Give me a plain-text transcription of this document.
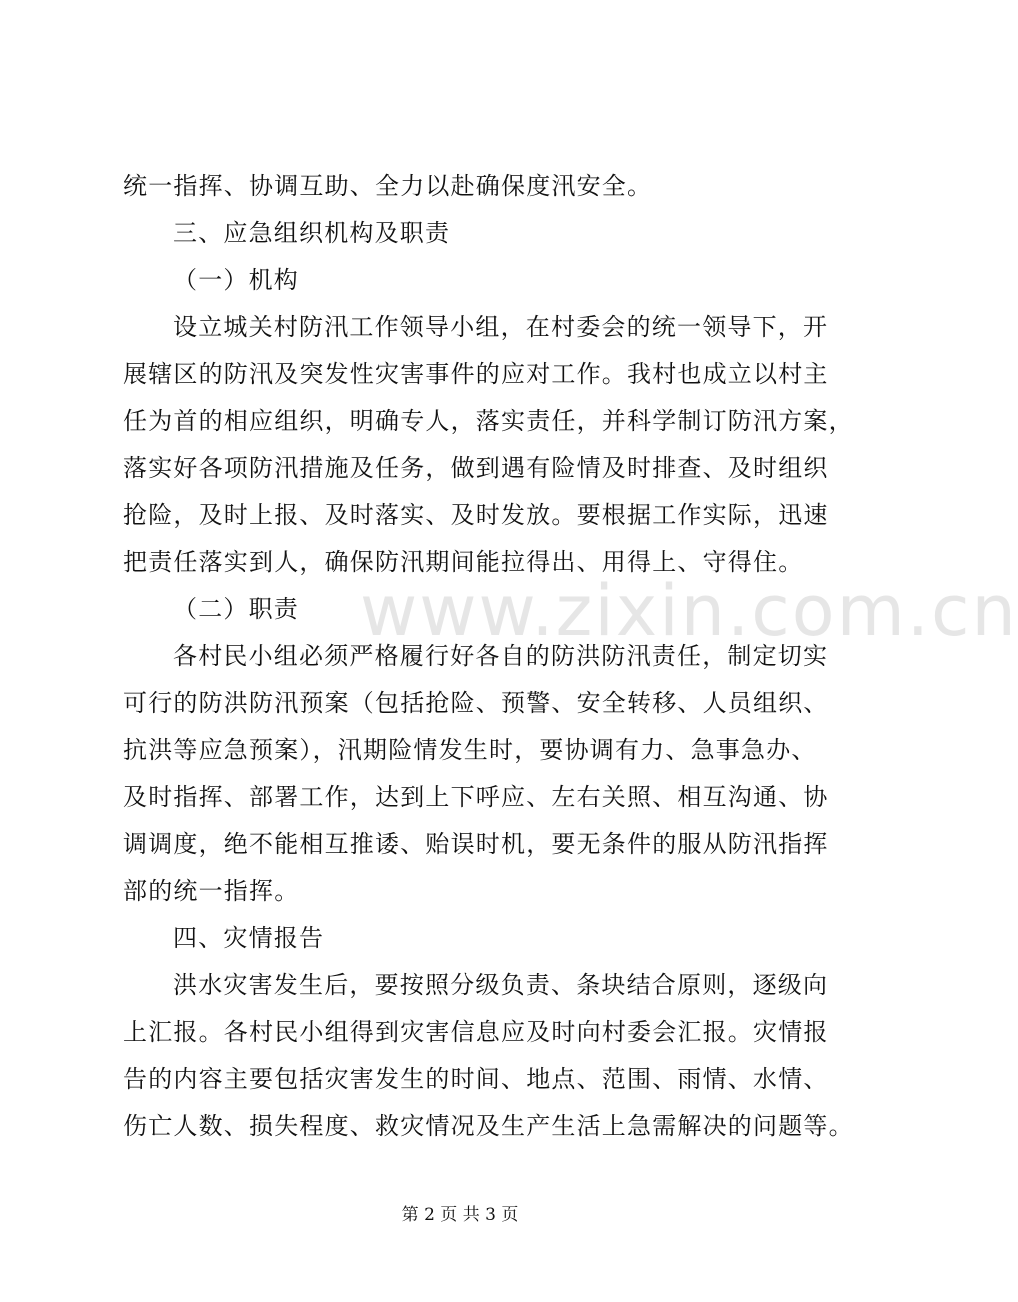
www.zixin.com.cn
统一指挥、协调互助、全力以赴确保度汛安全。
三、应急组织机构及职责
（一）机构
设立城关村防汛工作领导小组，在村委会的统一领导下，开
展辖区的防汛及突发性灾害事件的应对工作。我村也成立以村主
任为首的相应组织，明确专人，落实责任，并科学制订防汛方案，
落实好各项防汛措施及任务，做到遇有险情及时排查、及时组织
抢险，及时上报、及时落实、及时发放。要根据工作实际，迅速
把责任落实到人，确保防汛期间能拉得出、用得上、守得住。
（二）职责
各村民小组必须严格履行好各自的防洪防汛责任，制定切实
可行的防洪防汛预案（包括抢险、预警、安全转移、人员组织、
抗洪等应急预案），汛期险情发生时，要协调有力、急事急办、
及时指挥、部署工作，达到上下呼应、左右关照、相互沟通、协
调调度，绝不能相互推诿、贻误时机，要无条件的服从防汛指挥
部的统一指挥。
四、灾情报告
洪水灾害发生后，要按照分级负责、条块结合原则，逐级向
上汇报。各村民小组得到灾害信息应及时向村委会汇报。灾情报
告的内容主要包括灾害发生的时间、地点、范围、雨情、水情、
伤亡人数、损失程度、救灾情况及生产生活上急需解决的问题等。
第 2 页 共 3 页
